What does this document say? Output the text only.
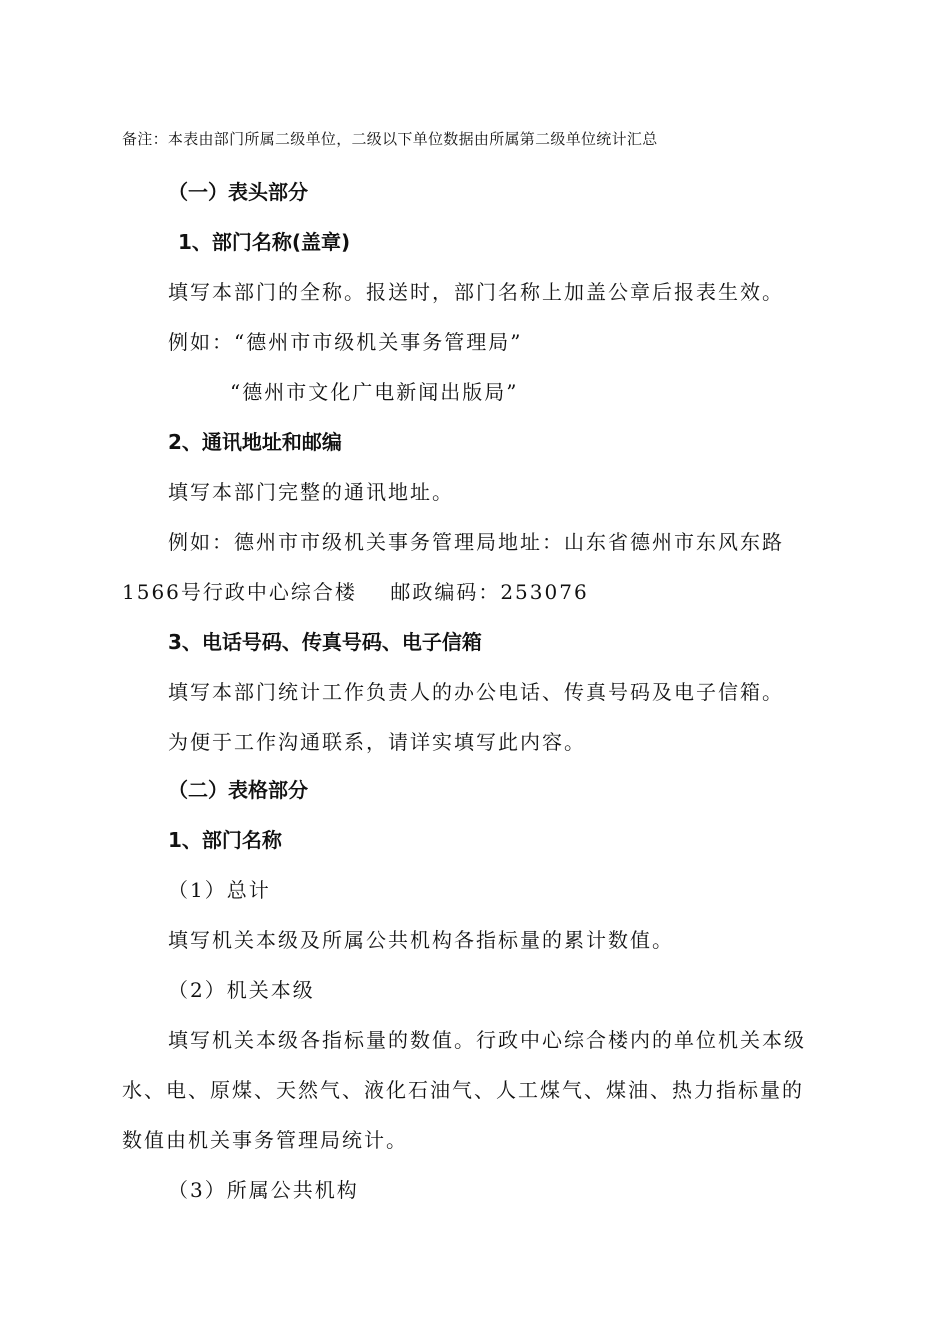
备注：本表由部门所属二级单位，二级以下单位数据由所属第二级单位统计汇总
（一）表头部分
1、部门名称(盖章)
填写本部门的全称。报送时，部门名称上加盖公章后报表生效。
例如：“德州市市级机关事务管理局”
“德州市文化广电新闻出版局”
2、通讯地址和邮编
填写本部门完整的通讯地址。
例如：德州市市级机关事务管理局地址：山东省德州市东风东路
1566号行政中心综合楼    邮政编码：253076
3、电话号码、传真号码、电子信箱
填写本部门统计工作负责人的办公电话、传真号码及电子信箱。
为便于工作沟通联系，请详实填写此内容。
（二）表格部分
1、部门名称
（1）总计
填写机关本级及所属公共机构各指标量的累计数值。
（2）机关本级
填写机关本级各指标量的数值。行政中心综合楼内的单位机关本级
水、电、原煤、天然气、液化石油气、人工煤气、煤油、热力指标量的
数值由机关事务管理局统计。
（3）所属公共机构
